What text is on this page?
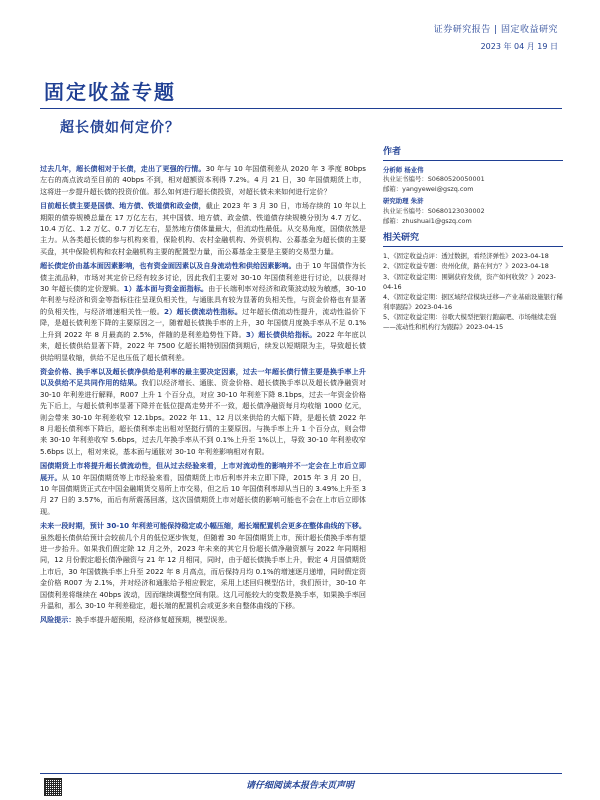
证券研究报告 | 固定收益研究
2023 年 04 月 19 日
固定收益专题
超长债如何定价？

过去几年，超长债相对于长债，走出了更强的行情。30 年与 10 年国债利差从 2020 年 3 季度 80bps 左右的高点波动至目前的 40bps 不到，相对超额资本利得 7.2%。4 月 21 日，30 年国债期货上市，这将进一步提升超长债的投资价值。那么如何进行超长债投资，对超长债未来如何进行定价？

目前超长债主要是国债、地方债、铁道债和政金债，截止 2023 年 3 月 30 日，市场存续的 10 年以上期限的债券规模总量在 17 万亿左右，其中国债、地方债、政金债、铁道债存续规模分别为 4.7 万亿、10.4 万亿、1.2 万亿、0.7 万亿左右，显然地方债体量最大，但流动性最低。从交易角度，国债依然是主力。从各类超长债的参与机构来看，保险机构、农村金融机构、外资机构、公募基金为超长债的主要买盘，其中保险机构和农村金融机构主要的配置型力量，而公募基金主要是主要的交易型力量。

超长债定价由基本面因素影响，也有资金面因素以及自身流动性和供给因素影响。由于 10 年国债作为长债主流品种，市场对其定价已经有较多讨论，因此我们主要对 30-10 年国债利差进行讨论，以获得对 30 年超长债的定价逻辑。1）基本面与资金面指标。由于长端利率对经济和政策波动较为敏感，30-10 年利差与经济和资金等指标往往呈现负相关性，与通胀具有较为显著的负相关性，与资金价格也有显著的负相关性，与经济增速相关性一般。2）超长债流动性指标。过年超长债流动性提升，流动性溢价下降，是超长债利差下降的主要原因之一，随着超长债换手率的上升，30 年国债月度换手率从不足 0.1%上升到 2022 年 8 月最高的 2.5%，伴随的是利差趋势性下降。3）超长债供给指标。2022 年年底以来，超长债供给显著下降，2022 年 7500 亿超长期特别国债到期后，续发以短期限为主，导致超长债供给明显收缩，供给不足也压低了超长债利差。

资金价格、换手率以及超长债净供给是利率的最主要决定因素，过去一年超长债行情主要是换手率上升以及供给不足共同作用的结果。我们以经济增长、通胀、资金价格、超长债换手率以及超长债净融资对 30-10 年利差进行解释，R007 上升 1 个百分点，对应 30-10 年利差下降 8.1bps，过去一年资金价格先下后上，与超长债利率显著下降并在低位提高走势并不一致，超长债净融资每月均收缩 1000 亿元，则会带来 30-10 年利差收窄 12.1bps。2022 年 11、12 月以来供给的大幅下降，是超长债 2022 年 8 月超长债利率下降后，超长债利率走出相对坚挺行情的主要原因。与换手率上升 1 个百分点，则会带来 30-10 年利差收窄 5.6bps，过去几年换手率从不到 0.1%上升至 1%以上，导致 30-10 年利差收窄 5.6bps 以上，相对来说，基本面与通胀对 30-10 年利差影响相对有限。

国债期货上市将提升超长债流动性，但从过去经验来看，上市对流动性的影响并不一定会在上市后立即展开。从 10 年国债期货等上市经验来看，国债期货上市后利率并未立即下降，2015 年 3 月 20 日，10 年国债期货正式在中国金融期货交易所上市交易，但之后 10 年国债利率却从当日的 3.49%上升至 3 月 27 日的 3.57%，而后有所震荡回落，这次国债期货上市对超长债的影响可能也不会在上市后立即体现。

未来一段时期，预计 30-10 年利差可能保持稳定或小幅压缩，超长端配置机会更多在整体曲线的下移。虽然超长债供给预计会较前几个月的低位逐步恢复，但随着 30 年国债期货上市，预计超长债换手率有望进一步抬升。如果我们假定除 12 月之外，2023 年未来的其它月份超长债净融资额与 2022 年同期相同，12 月份假定超长债净融资与 21 年 12 月相同，同时，由于超长债换手率上升，假定 4 月国债期货上市后，30 年国债换手率上升至 2022 年 8 月高点，而后保持月均 0.1%的增速逐月递增，同时假定资金价格 R007 为 2.1%，并对经济和通胀给予相应假定，采用上述回归模型估计，我们预计，30-10 年国债利差将继续在 40bps 波动，因而继续调整空间有限。这几可能较大的变数是换手率，如果换手率回升温和，那么 30-10 年利差稳定，超长端的配置机会或更多来自整体曲线的下移。

风险提示：换手率提升超预期，经济修复超预期，模型误差。

作者
分析师 杨业伟
执业证书编号：S0680520050001
邮箱：yangyewei@gszq.com
研究助理 朱浒
执业证书编号：S0680123030002
邮箱：zhushuai1@gszq.com
相关研究
1、《固定收益点评：透过数据，看经济弹性》2023-04-18
2、《固定收益专题：贵州化债，路在何方？》2023-04-18
3、《固定收益定期：围剿获府发债，资产如何收敛？》2023-04-16
4、《固定收益定期：据区域经营模块迁移—产业基础设施银行稀利率跟踪》2023-04-16
5、《固定收益定期：谷歌大模型把银行跑赢吧、市场继续走强——流动性和机构行为跟踪》2023-04-15
请仔细阅读本报告末页声明
